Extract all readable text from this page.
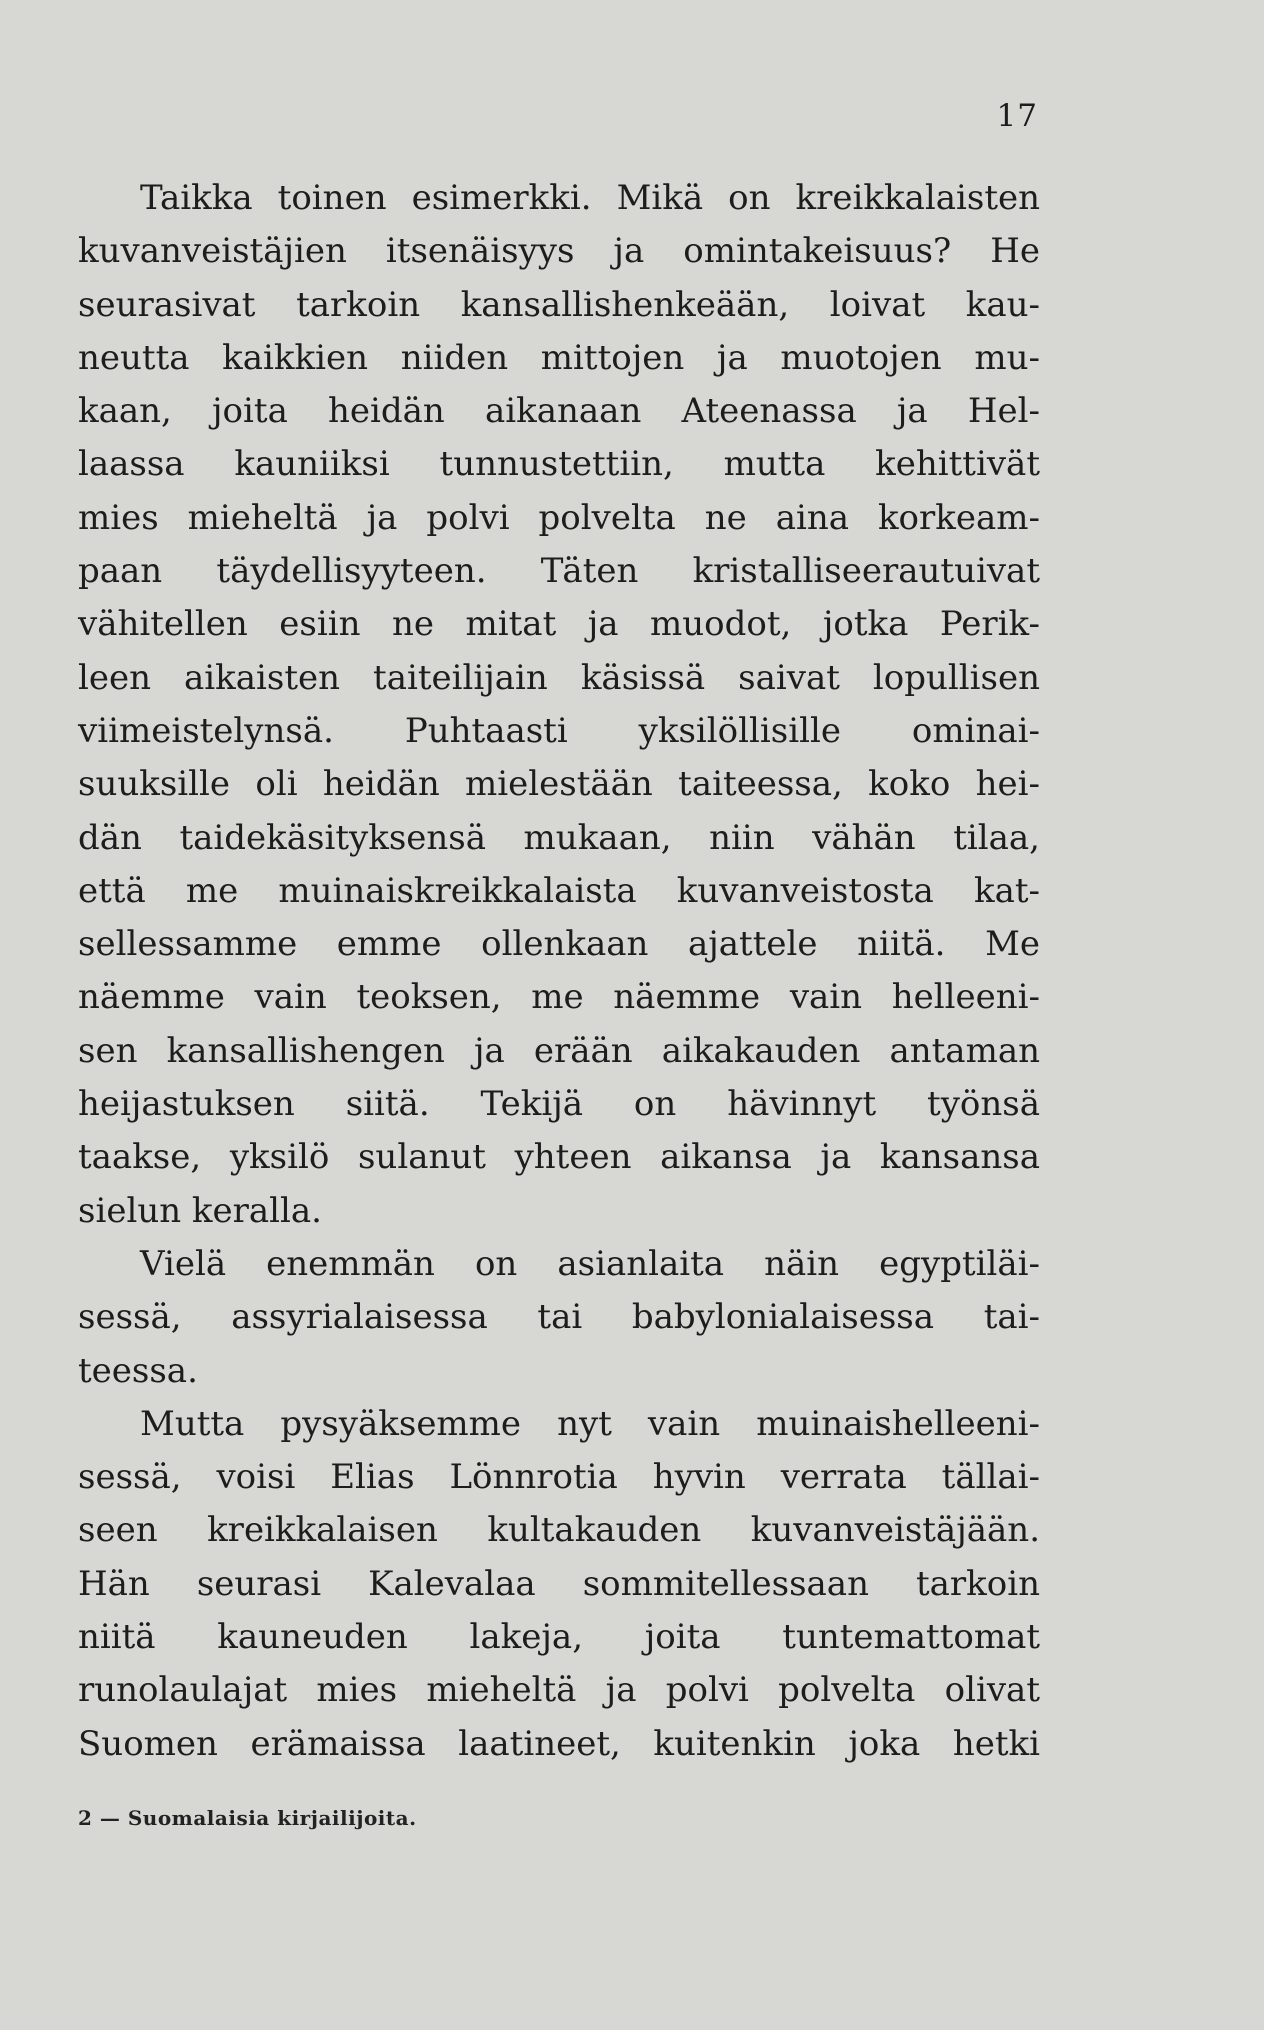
17
Taikka toinen esimerkki. Mikä on kreikkalaisten
kuvanveistäjien itsenäisyys ja omintakeisuus? He
seurasivat tarkoin kansallishenkeään, loivat kau-
neutta kaikkien niiden mittojen ja muotojen mu-
kaan, joita heidän aikanaan Ateenassa ja Hel-
laassa kauniiksi tunnustettiin, mutta kehittivät
mies mieheltä ja polvi polvelta ne aina korkeam-
paan täydellisyyteen. Täten kristalliseerautuivat
vähitellen esiin ne mitat ja muodot, jotka Perik-
leen aikaisten taiteilijain käsissä saivat lopullisen
viimeistelynsä. Puhtaasti yksilöllisille ominai-
suuksille oli heidän mielestään taiteessa, koko hei-
dän taidekäsityksensä mukaan, niin vähän tilaa,
että me muinaiskreikkalaista kuvanveistosta kat-
sellessamme emme ollenkaan ajattele niitä. Me
näemme vain teoksen, me näemme vain helleeni-
sen kansallishengen ja erään aikakauden antaman
heijastuksen siitä. Tekijä on hävinnyt työnsä
taakse, yksilö sulanut yhteen aikansa ja kansansa
sielun keralla.
Vielä enemmän on asianlaita näin egyptiläi-
sessä, assyrialaisessa tai babylonialaisessa tai-
teessa.
Mutta pysyäksemme nyt vain muinaishelleeni-
sessä, voisi Elias Lönnrotia hyvin verrata tällai-
seen kreikkalaisen kultakauden kuvanveistäjään.
Hän seurasi Kalevalaa sommitellessaan tarkoin
niitä kauneuden lakeja, joita tuntemattomat
runolaulajat mies mieheltä ja polvi polvelta olivat
Suomen erämaissa laatineet, kuitenkin joka hetki
2 — Suomalaisia kirjailijoita.
